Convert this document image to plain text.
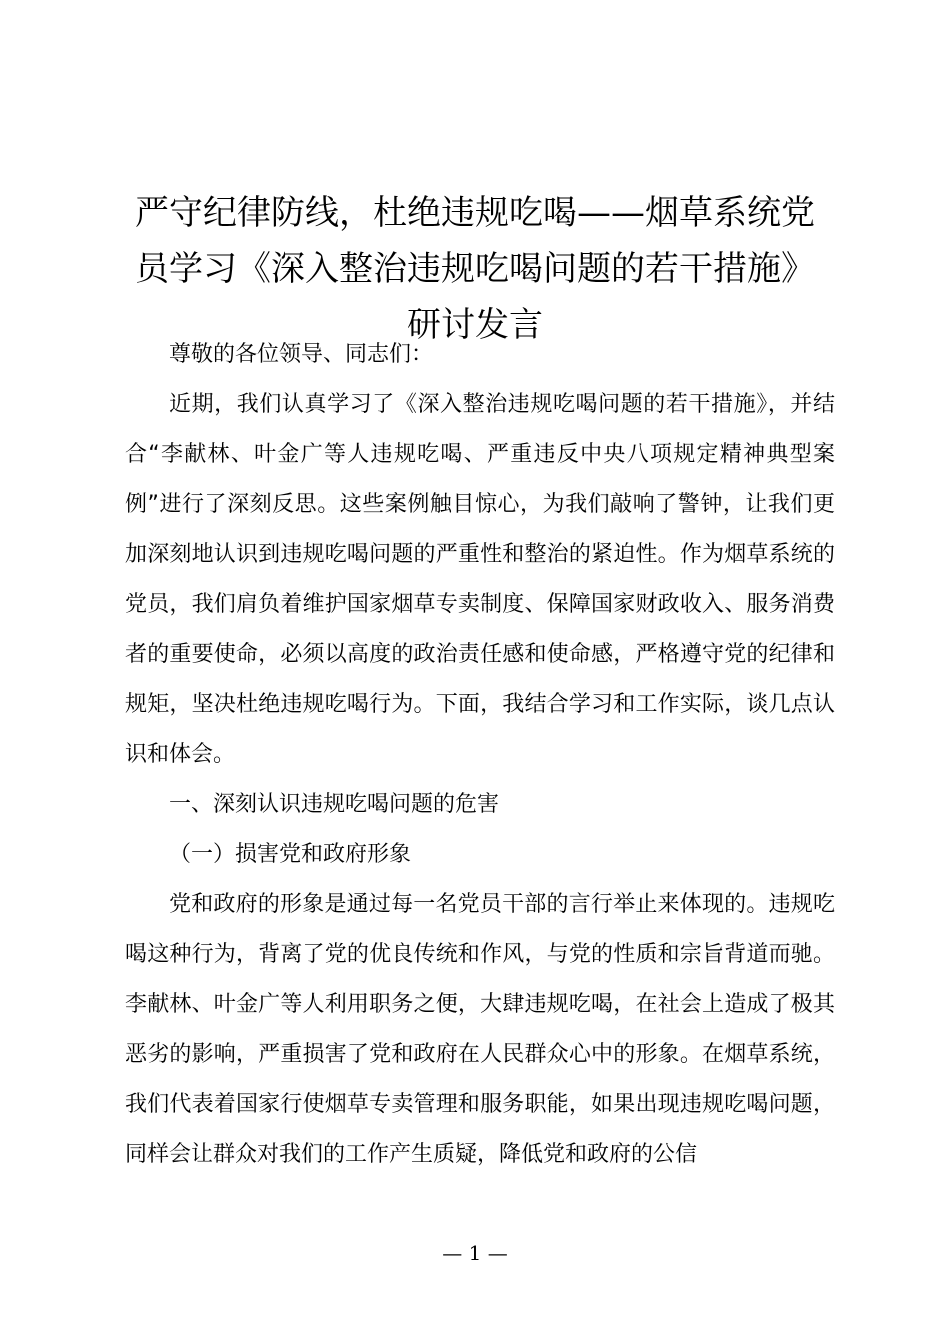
严守纪律防线，杜绝违规吃喝——烟草系统党
员学习《深入整治违规吃喝问题的若干措施》
研讨发言

尊敬的各位领导、同志们：

近期，我们认真学习了《深入整治违规吃喝问题的若干措施》，并结合“李献林、叶金广等人违规吃喝、严重违反中央八项规定精神典型案例”进行了深刻反思。这些案例触目惊心，为我们敲响了警钟，让我们更加深刻地认识到违规吃喝问题的严重性和整治的紧迫性。作为烟草系统的党员，我们肩负着维护国家烟草专卖制度、保障国家财政收入、服务消费者的重要使命，必须以高度的政治责任感和使命感，严格遵守党的纪律和规矩，坚决杜绝违规吃喝行为。下面，我结合学习和工作实际，谈几点认识和体会。

一、深刻认识违规吃喝问题的危害

（一）损害党和政府形象

党和政府的形象是通过每一名党员干部的言行举止来体现的。违规吃喝这种行为，背离了党的优良传统和作风，与党的性质和宗旨背道而驰。李献林、叶金广等人利用职务之便，大肆违规吃喝，在社会上造成了极其恶劣的影响，严重损害了党和政府在人民群众心中的形象。在烟草系统，我们代表着国家行使烟草专卖管理和服务职能，如果出现违规吃喝问题，同样会让群众对我们的工作产生质疑，降低党和政府的公信

— 1 —
